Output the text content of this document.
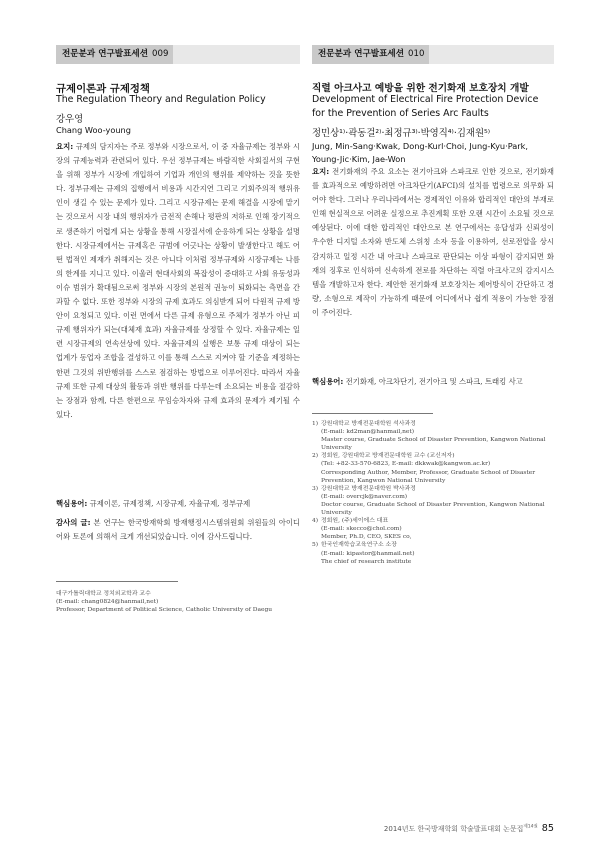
전문분과 연구발표세션 009
규제이론과 규제정책
The Regulation Theory and Regulation Policy
강우영
Chang Woo-young

요지: 규제의 담지자는 주로 정부와 시장으로서, 이 중 자율규제는 정부와 시장의 규제능력과 관련되어 있다. 우선 정부규제는 바람직한 사회질서의 구현을 위해 정부가 시장에 개입하여 기업과 개인의 행위를 제약하는 것을 뜻한다. 정부규제는 규제의 집행에서 비용과 시간지연 그리고 기회주의적 행위유인이 생길 수 있는 문제가 있다. 그리고 시장규제는 문제 해결을 시장에 맡기는 것으로서 시장 내의 행위자가 금전적 손해나 평판의 저하로 인해 장기적으로 생존하기 어렵게 되는 상황을 통해 시장질서에 순응하게 되는 상황을 설명한다. 시장규제에서는 규제혹은 규범에 어긋나는 상황이 발생한다고 해도 어떤 법적인 제재가 취해지는 것은 아니다 이처럼 정부규제와 시장규제는 나름의 한계를 지니고 있다. 이울러 현대사회의 복잡성이 증대하고 사회 유동성과 이슈 범위가 확대됨으로써 정부와 시장의 본원적 권능이 퇴화되는 측면을 간과할 수 없다. 또한 정부와 시장의 규제 효과도 의심받게 되어 다원적 규제 방안이 요청되고 있다. 이런 면에서 다른 규제 유형으로 주체가 정부가 아닌 피규제 행위자가 되는(대체재 효과) 자율규제를 상정할 수 있다. 자율규제는 일련 시장규제의 연속선상에 있다. 자율규제의 실행은 보통 규제 대상이 되는 업계가 동업자 조합을 결성하고 이를 통해 스스로 지켜야 할 기준을 제정하는 한편 그것의 위반행위를 스스로 점검하는 방법으로 이루어진다. 따라서 자율규제 또한 규제 대상의 활동과 위반 행위를 다루는데 소요되는 비용을 절감하는 장점과 함께, 다른 한편으로 무임승차자와 규제 효과의 문제가 제기될 수 있다.

핵심용어: 규제이론, 규제정책, 시장규제, 자율규제, 정부규제

감사의 글: 본 연구는 한국방재학회 방재행정시스템위원회 위원들의 아이디어와 토론에 의해서 크게 개선되었습니다. 이에 감사드립니다.

대구가톨릭대학교 정치외교학과 교수
(E-mail: chang0824@hanmail,net)
Professor, Department of Political Science, Catholic University of Daegu
전문분과 연구발표세션 010
직렬 아크사고 예방을 위한 전기화재 보호장치 개발
Development of Electrical Fire Protection Device for the Prevention of Series Arc Faults
정민상¹⁾·곽동걸²⁾·최정규³⁾·박영직⁴⁾·김재원⁵⁾
Jung, Min-Sang·Kwak, Dong-Kurl·Choi, Jung-Kyu·Park,
Young-Jic·Kim, Jae-Won

요지: 전기화재의 주요 요소는 전기아크와 스파크로 인한 것으로, 전기화재를 효과적으로 예방하려면 아크차단기(AFCI)의 설치를 법령으로 의무화 되어야 한다. 그러나 우리나라에서는 경제적인 이유와 합리적인 대안의 부재로 인해 현실적으로 어려운 실정으로 추진계획 또한 오랜 시간이 소요될 것으로 예상된다. 이에 대한 합리적인 대안으로 본 연구에서는 응답성과 신뢰성이 우수한 디지털 소자와 반도체 스위칭 소자 등을 이용하여, 선로전압을 상시 감지하고 일정 시간 내 아크나 스파크로 판단되는 이상 파형이 감지되면 화재의 징후로 인식하여 신속하게 전로를 차단하는 직렬 아크사고의 감지시스템을 개발하고자 한다. 제안한 전기화재 보호장치는 제어방식이 간단하고 경량, 소형으로 제작이 가능하게 때문에 어디에서나 쉽게 적용이 가능한 장점이 주어진다.

핵심용어: 전기화재, 아크차단기, 전기아크 및 스파크, 트래킹 사고

1) 강원대학교 방재전문대학원 석사과정
(E-mail: kd2man@hanmail,net)
Master course, Graduate School of Disaster Prevention, Kangwon National
University
2) 정회원, 강원대학교 방재전문대학원 교수 (교신저자)
(Tel: +82-33-570-6823, E-mail: dkkwak@kangwon.ac.kr)
Corresponding Author, Member, Professor, Graduate School of Disaster
Prevention, Kangwon National University
3) 강원대학교 방재전문대학원 박사과정
(E-mail: overcjk@naver.com)
Doctor course, Graduate School of Disaster Prevention, Kangwon National
University
4) 정회원, (주)세이에스 대표
(E-mail: skecco@chol.com)
Member, Ph.D, CEO, SKES co,
5) 한국인재학습교육연구소 소장
(E-mail: kipastor@hanmail.net)
The chief of research institute
2014년도 한국방재학회 학술발표대회 논문집$^{제14권}$ 85
